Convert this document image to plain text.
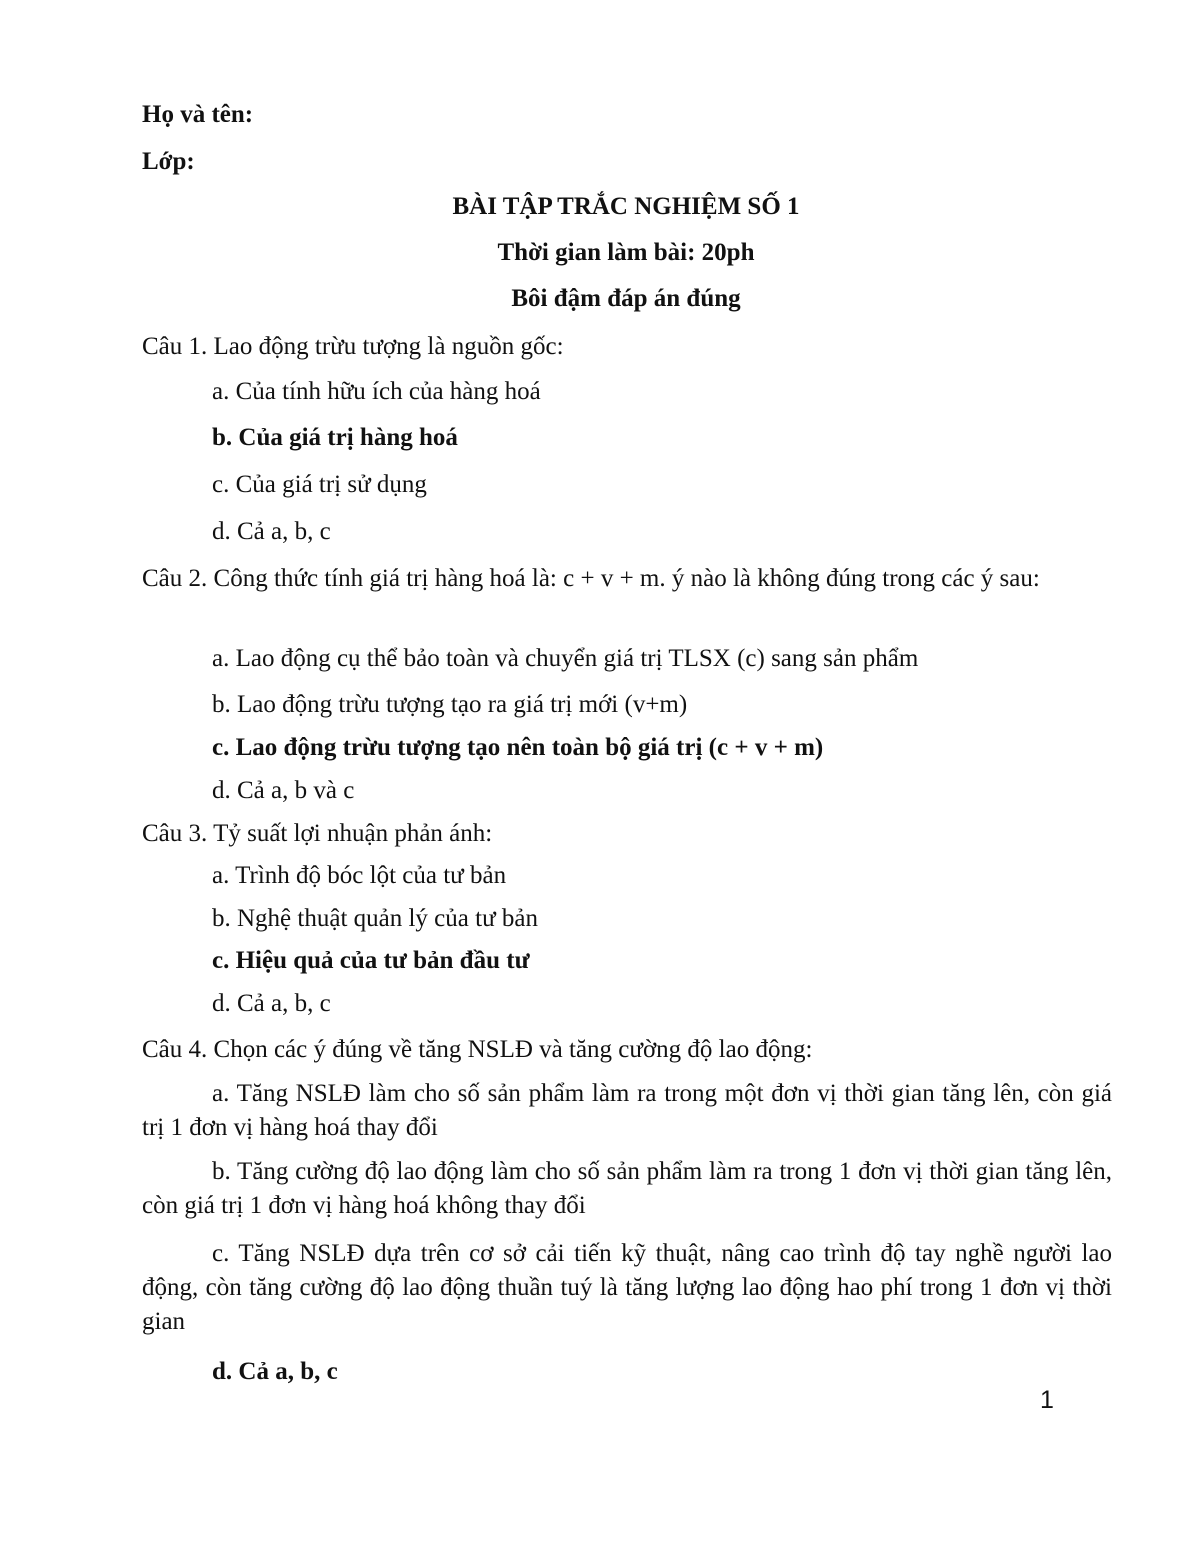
Họ và tên:
Lớp:
BÀI TẬP TRẮC NGHIỆM SỐ 1
Thời gian làm bài: 20ph
Bôi đậm đáp án đúng
Câu 1. Lao động trừu tượng là nguồn gốc:
a. Của tính hữu ích của hàng hoá
b. Của giá trị hàng hoá
c. Của giá trị sử dụng
d. Cả a, b, c
Câu 2. Công thức tính giá trị hàng hoá là: c + v + m. ý nào là không đúng trong các ý sau:
a. Lao động cụ thể bảo toàn và chuyển giá trị TLSX (c) sang sản phẩm
b. Lao động trừu tượng tạo ra giá trị mới (v+m)
c. Lao động trừu tượng tạo nên toàn bộ giá trị (c + v + m)
d. Cả a, b và c
Câu 3. Tỷ suất lợi nhuận phản ánh:
a. Trình độ bóc lột của tư bản
b. Nghệ thuật quản lý của tư bản
c. Hiệu quả của tư bản đầu tư
d. Cả a, b, c
Câu 4. Chọn các ý đúng về tăng NSLĐ và tăng cường độ lao động:
a. Tăng NSLĐ làm cho số sản phẩm làm ra trong một đơn vị thời gian tăng lên, còn giá trị 1 đơn vị hàng hoá thay đổi
b. Tăng cường độ lao động làm cho số sản phẩm làm ra trong 1 đơn vị thời gian tăng lên, còn giá trị 1 đơn vị hàng hoá không thay đổi
c. Tăng NSLĐ dựa trên cơ sở cải tiến kỹ thuật, nâng cao trình độ tay nghề người lao động, còn tăng cường độ lao động thuần tuý là tăng lượng lao động hao phí trong 1 đơn vị thời gian
d. Cả a, b, c
1
